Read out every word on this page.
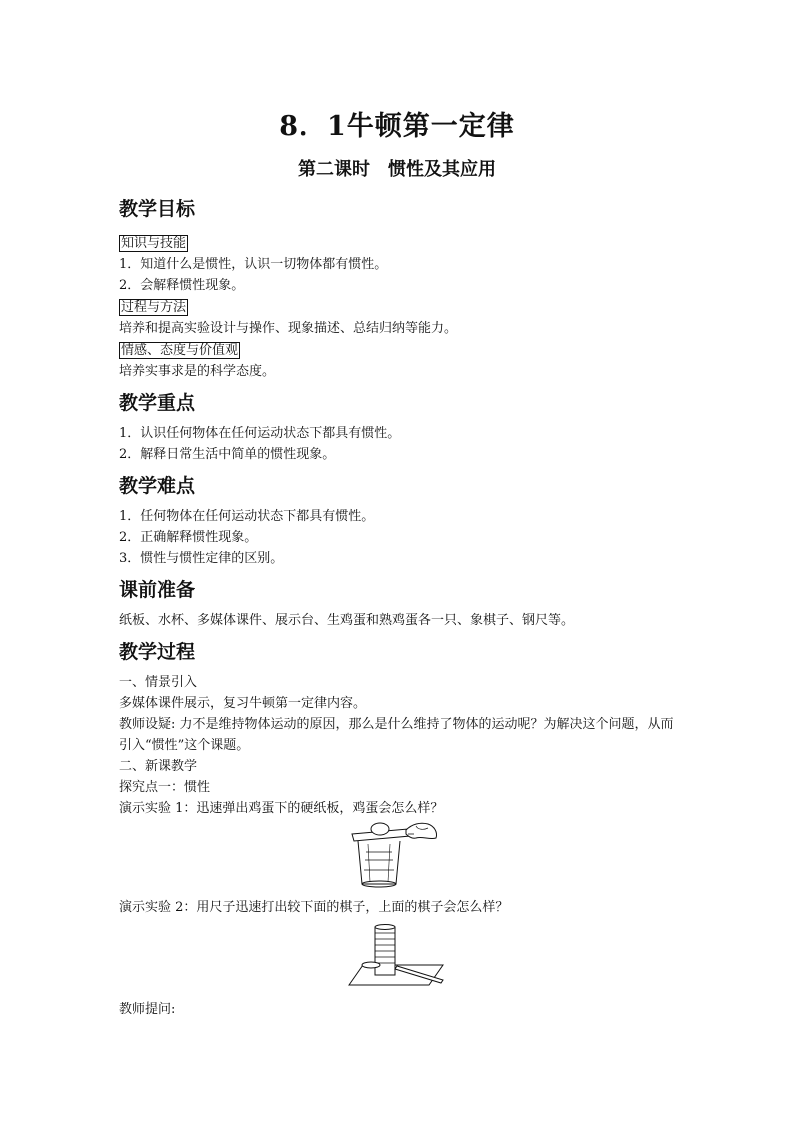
8．1牛顿第一定律
第二课时　惯性及其应用
教学目标
知识与技能

1．知道什么是惯性，认识一切物体都有惯性。

2．会解释惯性现象。

过程与方法

培养和提高实验设计与操作、现象描述、总结归纳等能力。

情感、态度与价值观

培养实事求是的科学态度。

教学重点

1．认识任何物体在任何运动状态下都具有惯性。

2．解释日常生活中简单的惯性现象。

教学难点

1．任何物体在任何运动状态下都具有惯性。

2．正确解释惯性现象。

3．惯性与惯性定律的区别。

课前准备

纸板、水杯、多媒体课件、展示台、生鸡蛋和熟鸡蛋各一只、象棋子、钢尺等。

教学过程

一、情景引入

多媒体课件展示，复习牛顿第一定律内容。

教师设疑: 力不是维持物体运动的原因，那么是什么维持了物体的运动呢？为解决这个问题，从而引入“惯性”这个课题。

二、新课教学

探究点一：惯性

演示实验 1：迅速弹出鸡蛋下的硬纸板，鸡蛋会怎么样？

演示实验 2：用尺子迅速打出较下面的棋子，上面的棋子会怎么样？

教师提问:
